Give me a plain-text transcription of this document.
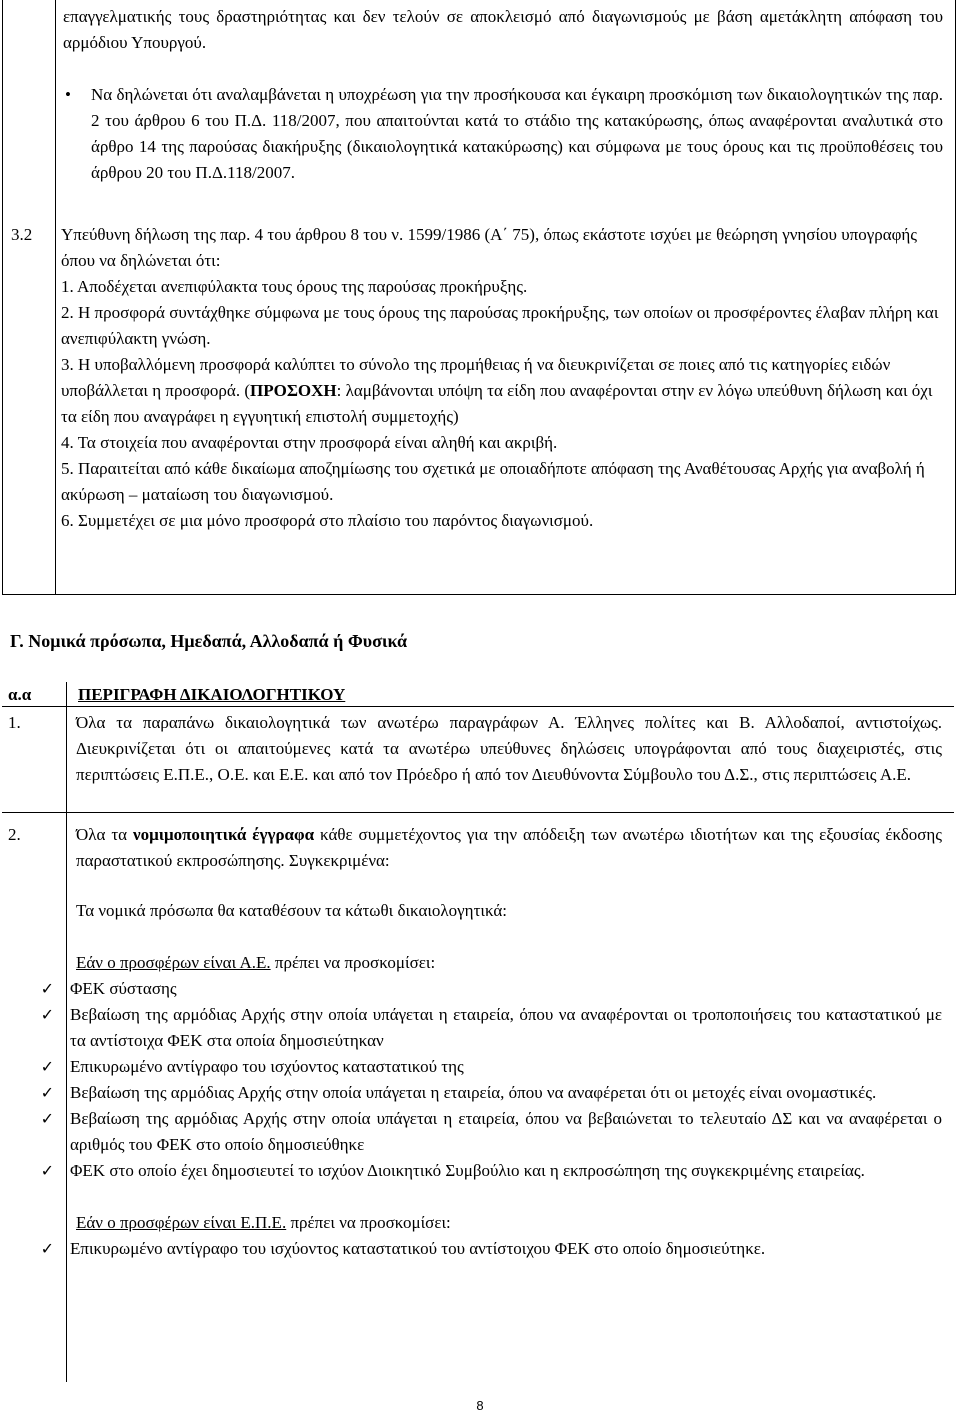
επαγγελματικής τους δραστηριότητας και δεν τελούν σε αποκλεισμό από διαγωνισμούς με βάση αμετάκλητη απόφαση του αρμόδιου Υπουργού.

•	Να δηλώνεται ότι αναλαμβάνεται η υποχρέωση για την προσήκουσα και έγκαιρη προσκόμιση των δικαιολογητικών της παρ. 2 του άρθρου 6 του Π.Δ. 118/2007, που απαιτούνται κατά το στάδιο της κατακύρωσης, όπως αναφέρονται αναλυτικά στο άρθρο 14 της παρούσας διακήρυξης (δικαιολογητικά κατακύρωσης) και σύμφωνα με τους όρους και τις προϋποθέσεις του άρθρου 20 του Π.Δ.118/2007.

3.2	Υπεύθυνη δήλωση της παρ. 4 του άρθρου 8 του ν. 1599/1986 (Α΄ 75), όπως εκάστοτε ισχύει με θεώρηση γνησίου υπογραφής όπου να δηλώνεται ότι:

1. Αποδέχεται ανεπιφύλακτα τους όρους της παρούσας προκήρυξης.

2. Η προσφορά συντάχθηκε σύμφωνα με τους όρους της παρούσας προκήρυξης, των οποίων οι προσφέροντες έλαβαν πλήρη και ανεπιφύλακτη γνώση.

3. Η υποβαλλόμενη προσφορά καλύπτει το σύνολο της προμήθειας ή να διευκρινίζεται σε ποιες από τις κατηγορίες ειδών υποβάλλεται η προσφορά. (ΠΡΟΣΟΧΗ: λαμβάνονται υπόψη τα είδη που αναφέρονται στην εν λόγω υπεύθυνη δήλωση και όχι τα είδη που αναγράφει η εγγυητική επιστολή συμμετοχής)

4. Τα στοιχεία που αναφέρονται στην προσφορά είναι αληθή και ακριβή.

5. Παραιτείται από κάθε δικαίωμα αποζημίωσης του σχετικά με οποιαδήποτε απόφαση της Αναθέτουσας Αρχής για αναβολή ή ακύρωση – ματαίωση του διαγωνισμού.

6. Συμμετέχει σε μια μόνο προσφορά στο πλαίσιο του παρόντος διαγωνισμού.

Γ. Νομικά πρόσωπα, Ημεδαπά, Αλλοδαπά ή Φυσικά
α.α	ΠΕΡΙΓΡΑΦΗ ΔΙΚΑΙΟΛΟΓΗΤΙΚΟΥ
1.	Όλα τα παραπάνω δικαιολογητικά των ανωτέρω παραγράφων Α. Έλληνες πολίτες και Β. Αλλοδαποί, αντιστοίχως. Διευκρινίζεται ότι οι απαιτούμενες κατά τα ανωτέρω υπεύθυνες δηλώσεις υπογράφονται από τους διαχειριστές, στις περιπτώσεις Ε.Π.Ε., Ο.Ε. και Ε.Ε. και από τον Πρόεδρο ή από τον Διευθύνοντα Σύμβουλο του Δ.Σ., στις περιπτώσεις Α.Ε.
2.	Όλα τα νομιμοποιητικά έγγραφα κάθε συμμετέχοντος για την απόδειξη των ανωτέρω ιδιοτήτων και της εξουσίας έκδοσης παραστατικού εκπροσώπησης. Συγκεκριμένα:

Τα νομικά πρόσωπα θα καταθέσουν τα κάτωθι δικαιολογητικά:

Εάν ο προσφέρων είναι Α.Ε. πρέπει να προσκομίσει:

✓ ΦΕΚ σύστασης
✓ Βεβαίωση της αρμόδιας Αρχής στην οποία υπάγεται η εταιρεία, όπου να αναφέρονται οι τροποποιήσεις του καταστατικού με τα αντίστοιχα ΦΕΚ στα οποία δημοσιεύτηκαν
✓ Επικυρωμένο αντίγραφο του ισχύοντος καταστατικού της
✓ Βεβαίωση της αρμόδιας Αρχής στην οποία υπάγεται η εταιρεία, όπου να αναφέρεται ότι οι μετοχές είναι ονομαστικές.
✓ Βεβαίωση της αρμόδιας Αρχής στην οποία υπάγεται η εταιρεία, όπου να βεβαιώνεται το τελευταίο ΔΣ και να αναφέρεται ο αριθμός του ΦΕΚ στο οποίο δημοσιεύθηκε
✓ ΦΕΚ στο οποίο έχει δημοσιευτεί το ισχύον Διοικητικό Συμβούλιο και η εκπροσώπηση της συγκεκριμένης εταιρείας.

Εάν ο προσφέρων είναι Ε.Π.Ε. πρέπει να προσκομίσει:

✓ Επικυρωμένο αντίγραφο του ισχύοντος καταστατικού του αντίστοιχου ΦΕΚ στο οποίο δημοσιεύτηκε.
8
